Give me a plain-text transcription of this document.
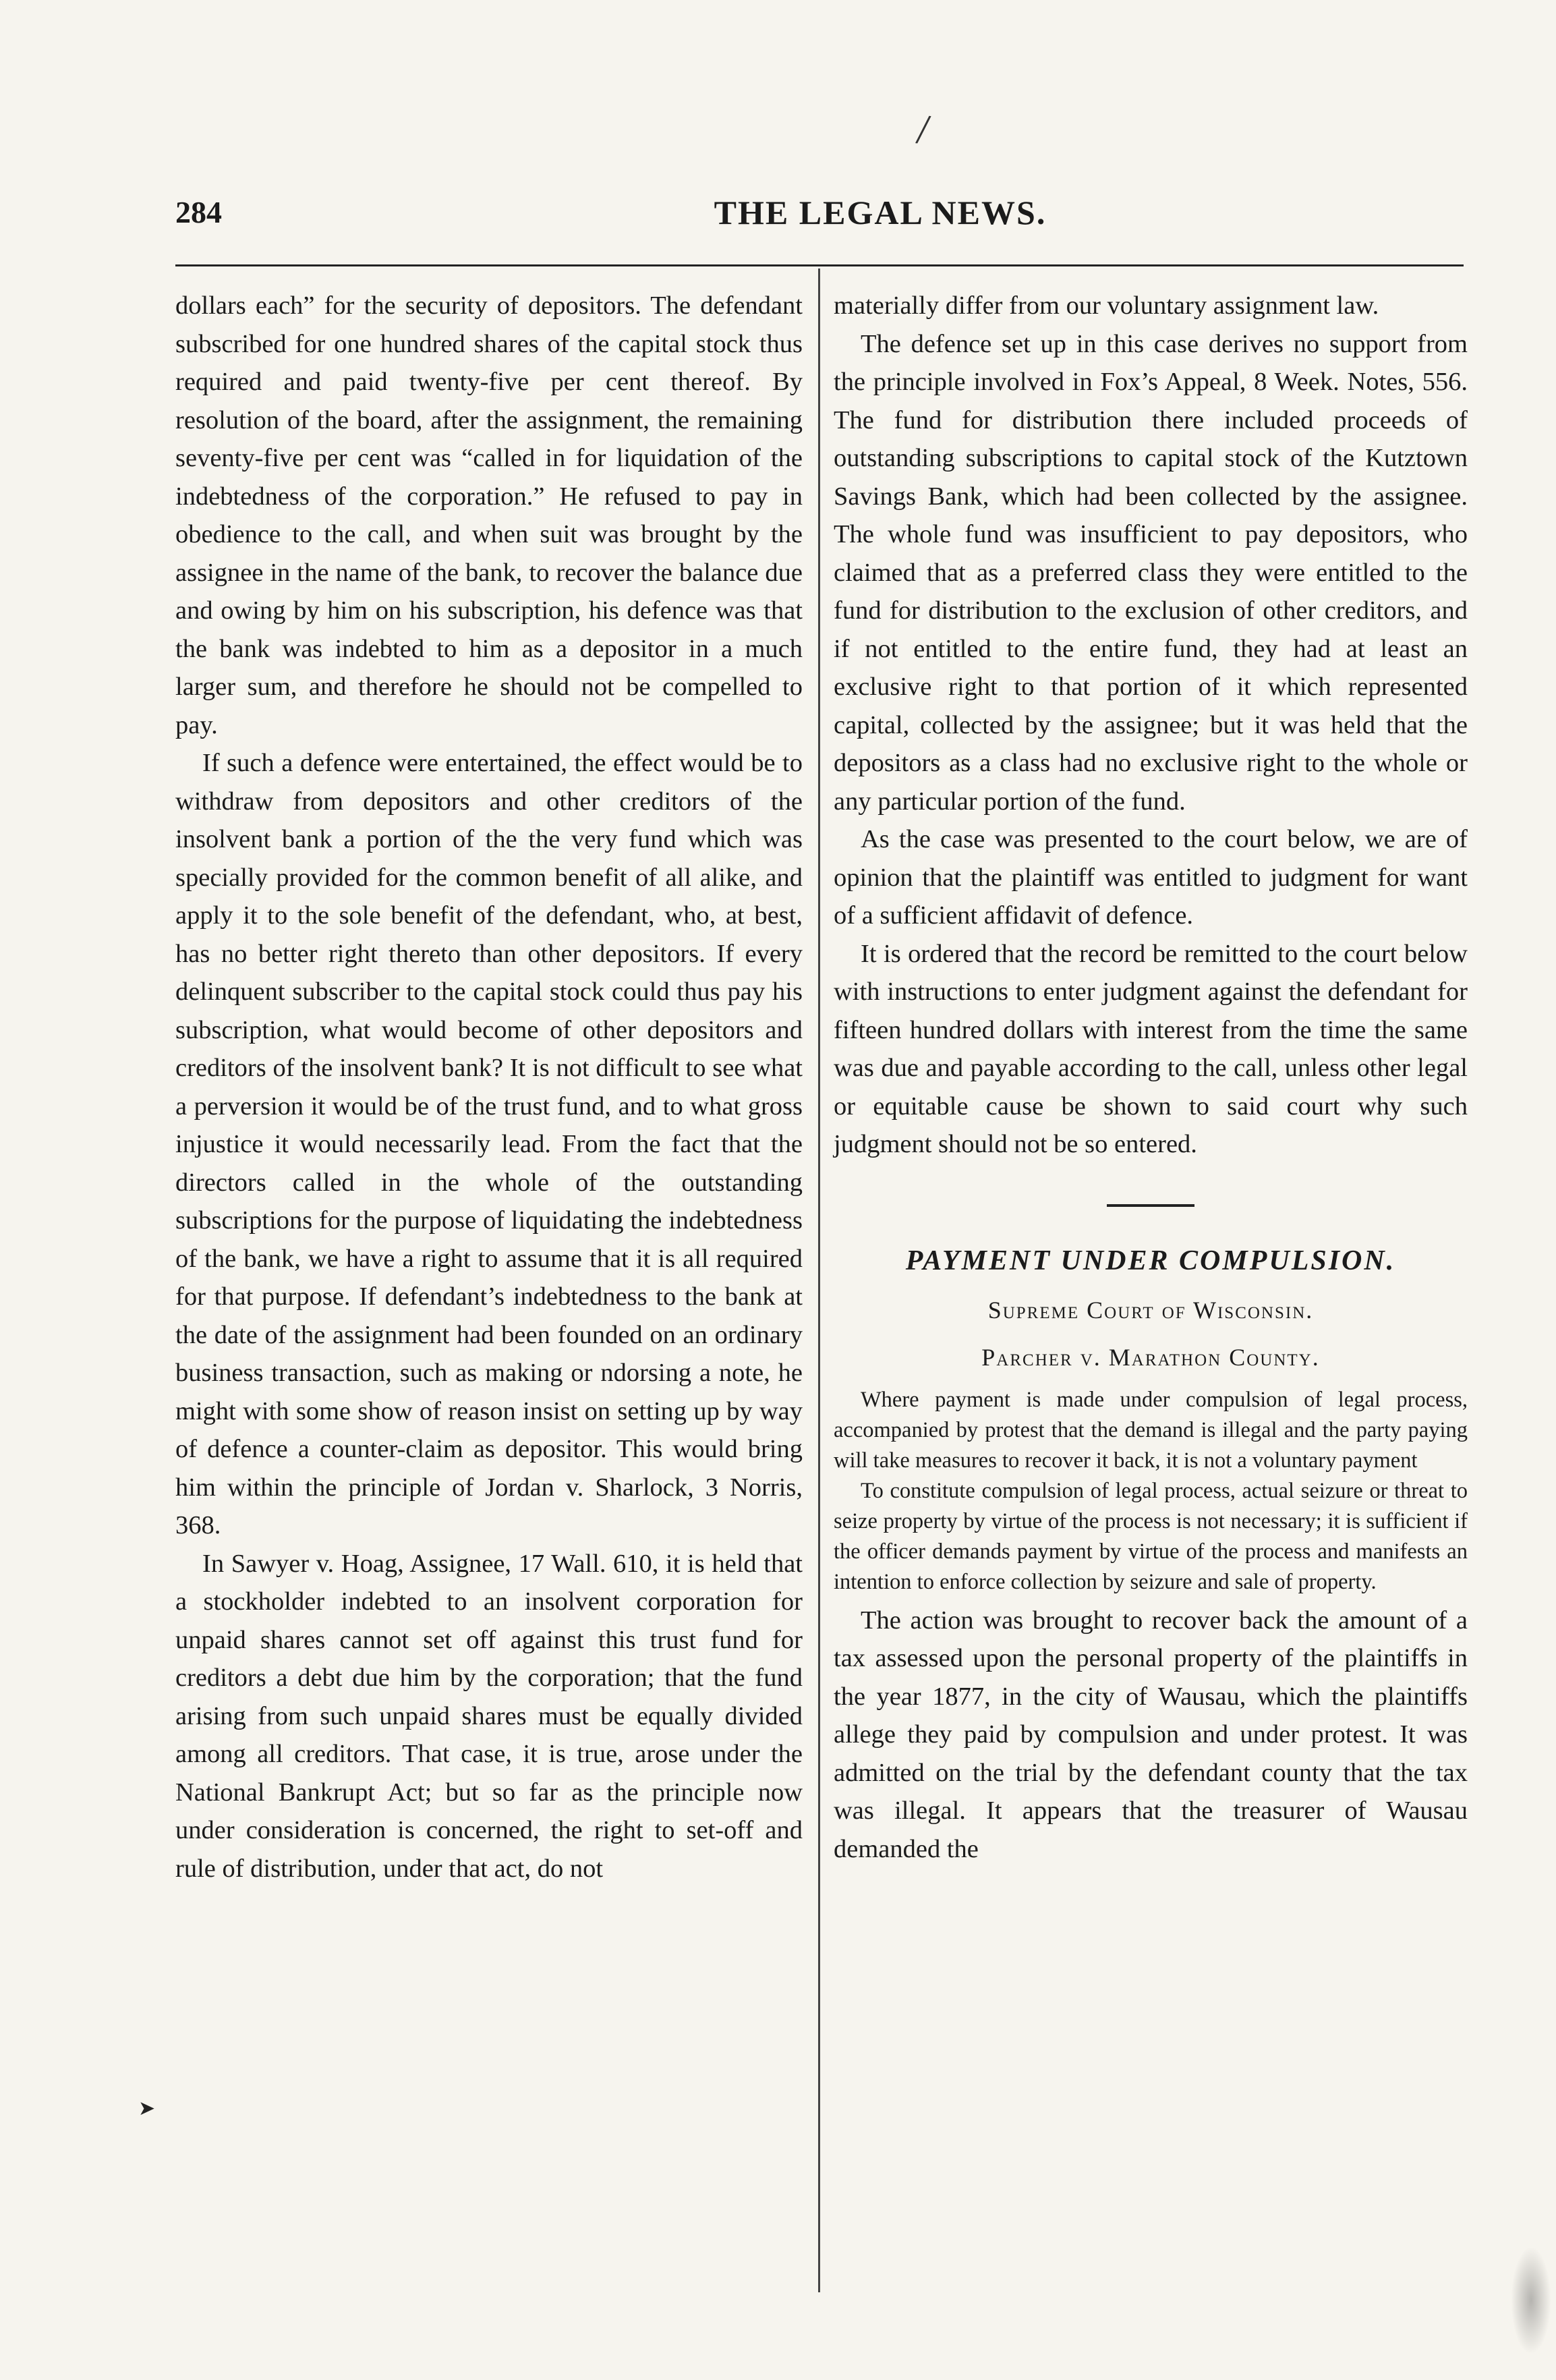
/
284	THE LEGAL NEWS.

dollars each” for the security of depositors. The defendant subscribed for one hundred shares of the capital stock thus required and paid twenty-five per cent thereof. By resolution of the board, after the assignment, the remaining seventy-five per cent was “called in for liquidation of the indebtedness of the corporation.” He refused to pay in obedience to the call, and when suit was brought by the assignee in the name of the bank, to recover the balance due and owing by him on his subscription, his defence was that the bank was indebted to him as a depositor in a much larger sum, and therefore he should not be compelled to pay.

If such a defence were entertained, the effect would be to withdraw from depositors and other creditors of the insolvent bank a portion of the the very fund which was specially provided for the common benefit of all alike, and apply it to the sole benefit of the defendant, who, at best, has no better right thereto than other depositors. If every delinquent subscriber to the capital stock could thus pay his subscription, what would become of other depositors and creditors of the insolvent bank? It is not difficult to see what a perversion it would be of the trust fund, and to what gross injustice it would necessarily lead. From the fact that the directors called in the whole of the outstanding subscriptions for the purpose of liquidating the indebtedness of the bank, we have a right to assume that it is all required for that purpose. If defendant’s indebtedness to the bank at the date of the assignment had been founded on an ordinary business transaction, such as making or ndorsing a note, he might with some show of reason insist on setting up by way of defence a counter-claim as depositor. This would bring him within the principle of Jordan v. Sharlock, 3 Norris, 368.

In Sawyer v. Hoag, Assignee, 17 Wall. 610, it is held that a stockholder indebted to an insolvent corporation for unpaid shares cannot set off against this trust fund for creditors a debt due him by the corporation; that the fund arising from such unpaid shares must be equally divided among all creditors. That case, it is true, arose under the National Bankrupt Act; but so far as the principle now under consideration is concerned, the right to set-off and rule of distribution, under that act, do not

materially differ from our voluntary assignment law.

The defence set up in this case derives no support from the principle involved in Fox’s Appeal, 8 Week. Notes, 556. The fund for distribution there included proceeds of outstanding subscriptions to capital stock of the Kutztown Savings Bank, which had been collected by the assignee. The whole fund was insufficient to pay depositors, who claimed that as a preferred class they were entitled to the fund for distribution to the exclusion of other creditors, and if not entitled to the entire fund, they had at least an exclusive right to that portion of it which represented capital, collected by the assignee; but it was held that the depositors as a class had no exclusive right to the whole or any particular portion of the fund.

As the case was presented to the court below, we are of opinion that the plaintiff was entitled to judgment for want of a sufficient affidavit of defence.

It is ordered that the record be remitted to the court below with instructions to enter judgment against the defendant for fifteen hundred dollars with interest from the time the same was due and payable according to the call, unless other legal or equitable cause be shown to said court why such judgment should not be so entered.

PAYMENT UNDER COMPULSION.
Supreme Court of Wisconsin.
Parcher v. Marathon County.

Where payment is made under compulsion of legal process, accompanied by protest that the demand is illegal and the party paying will take measures to recover it back, it is not a voluntary payment

To constitute compulsion of legal process, actual seizure or threat to seize property by virtue of the process is not necessary; it is sufficient if the officer demands payment by virtue of the process and manifests an intention to enforce collection by seizure and sale of property.

The action was brought to recover back the amount of a tax assessed upon the personal property of the plaintiffs in the year 1877, in the city of Wausau, which the plaintiffs allege they paid by compulsion and under protest. It was admitted on the trial by the defendant county that the tax was illegal. It appears that the treasurer of Wausau demanded the

➤
